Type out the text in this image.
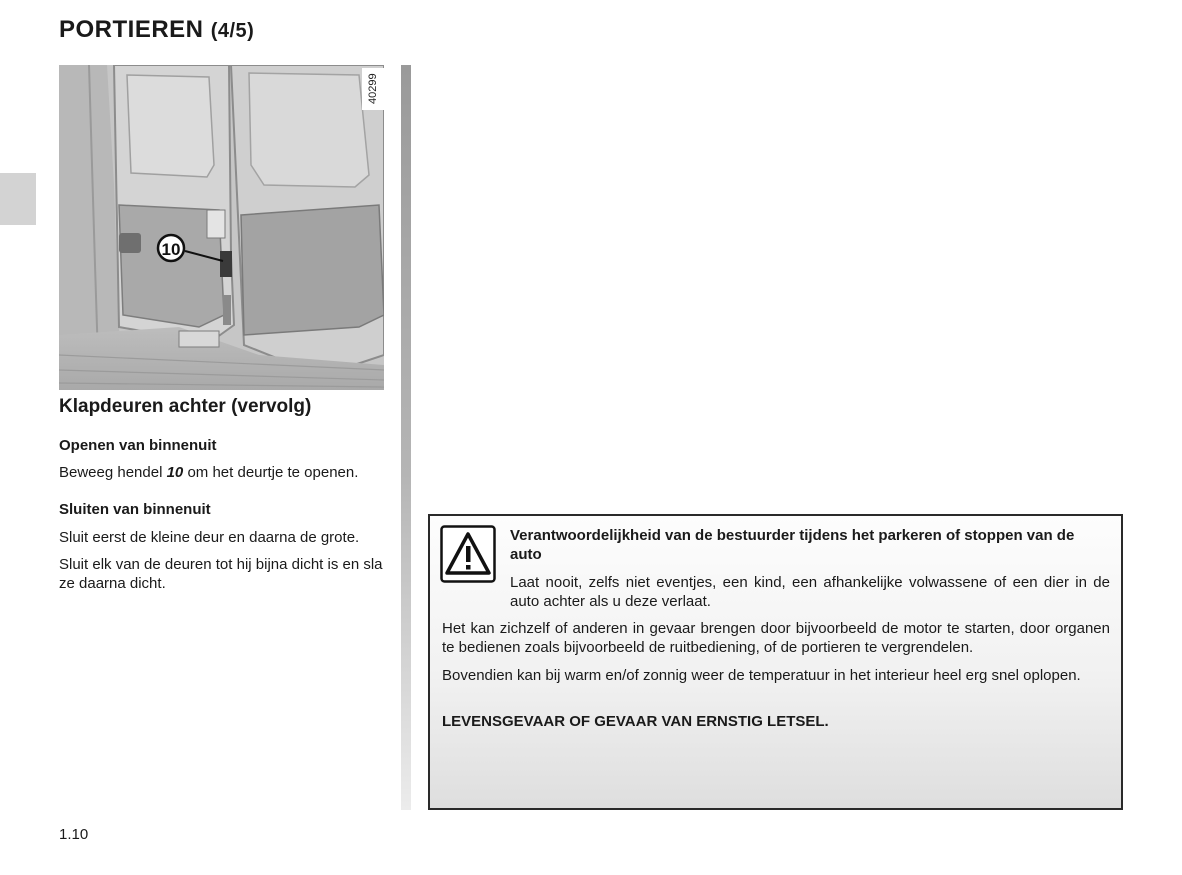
PORTIEREN (4/5)
10
40299
Klapdeuren achter (vervolg)
Openen van binnenuit

Beweeg hendel 10 om het deurtje te openen.

Sluiten van binnenuit

Sluit eerst de kleine deur en daarna de grote.

Sluit elk van de deuren tot hij bijna dicht is en sla ze daarna dicht.

Verantwoordelijkheid van de bestuurder tijdens het parkeren of stoppen van de auto

Laat nooit, zelfs niet eventjes, een kind, een afhankelijke volwassene of een dier in de auto achter als u deze verlaat.

Het kan zichzelf of anderen in gevaar brengen door bijvoorbeeld de motor te starten, door organen te bedienen zoals bijvoorbeeld de ruitbediening, of de portieren te vergrendelen.

Bovendien kan bij warm en/of zonnig weer de temperatuur in het interieur heel erg snel oplopen.

LEVENSGEVAAR OF GEVAAR VAN ERNSTIG LETSEL.

1.10
